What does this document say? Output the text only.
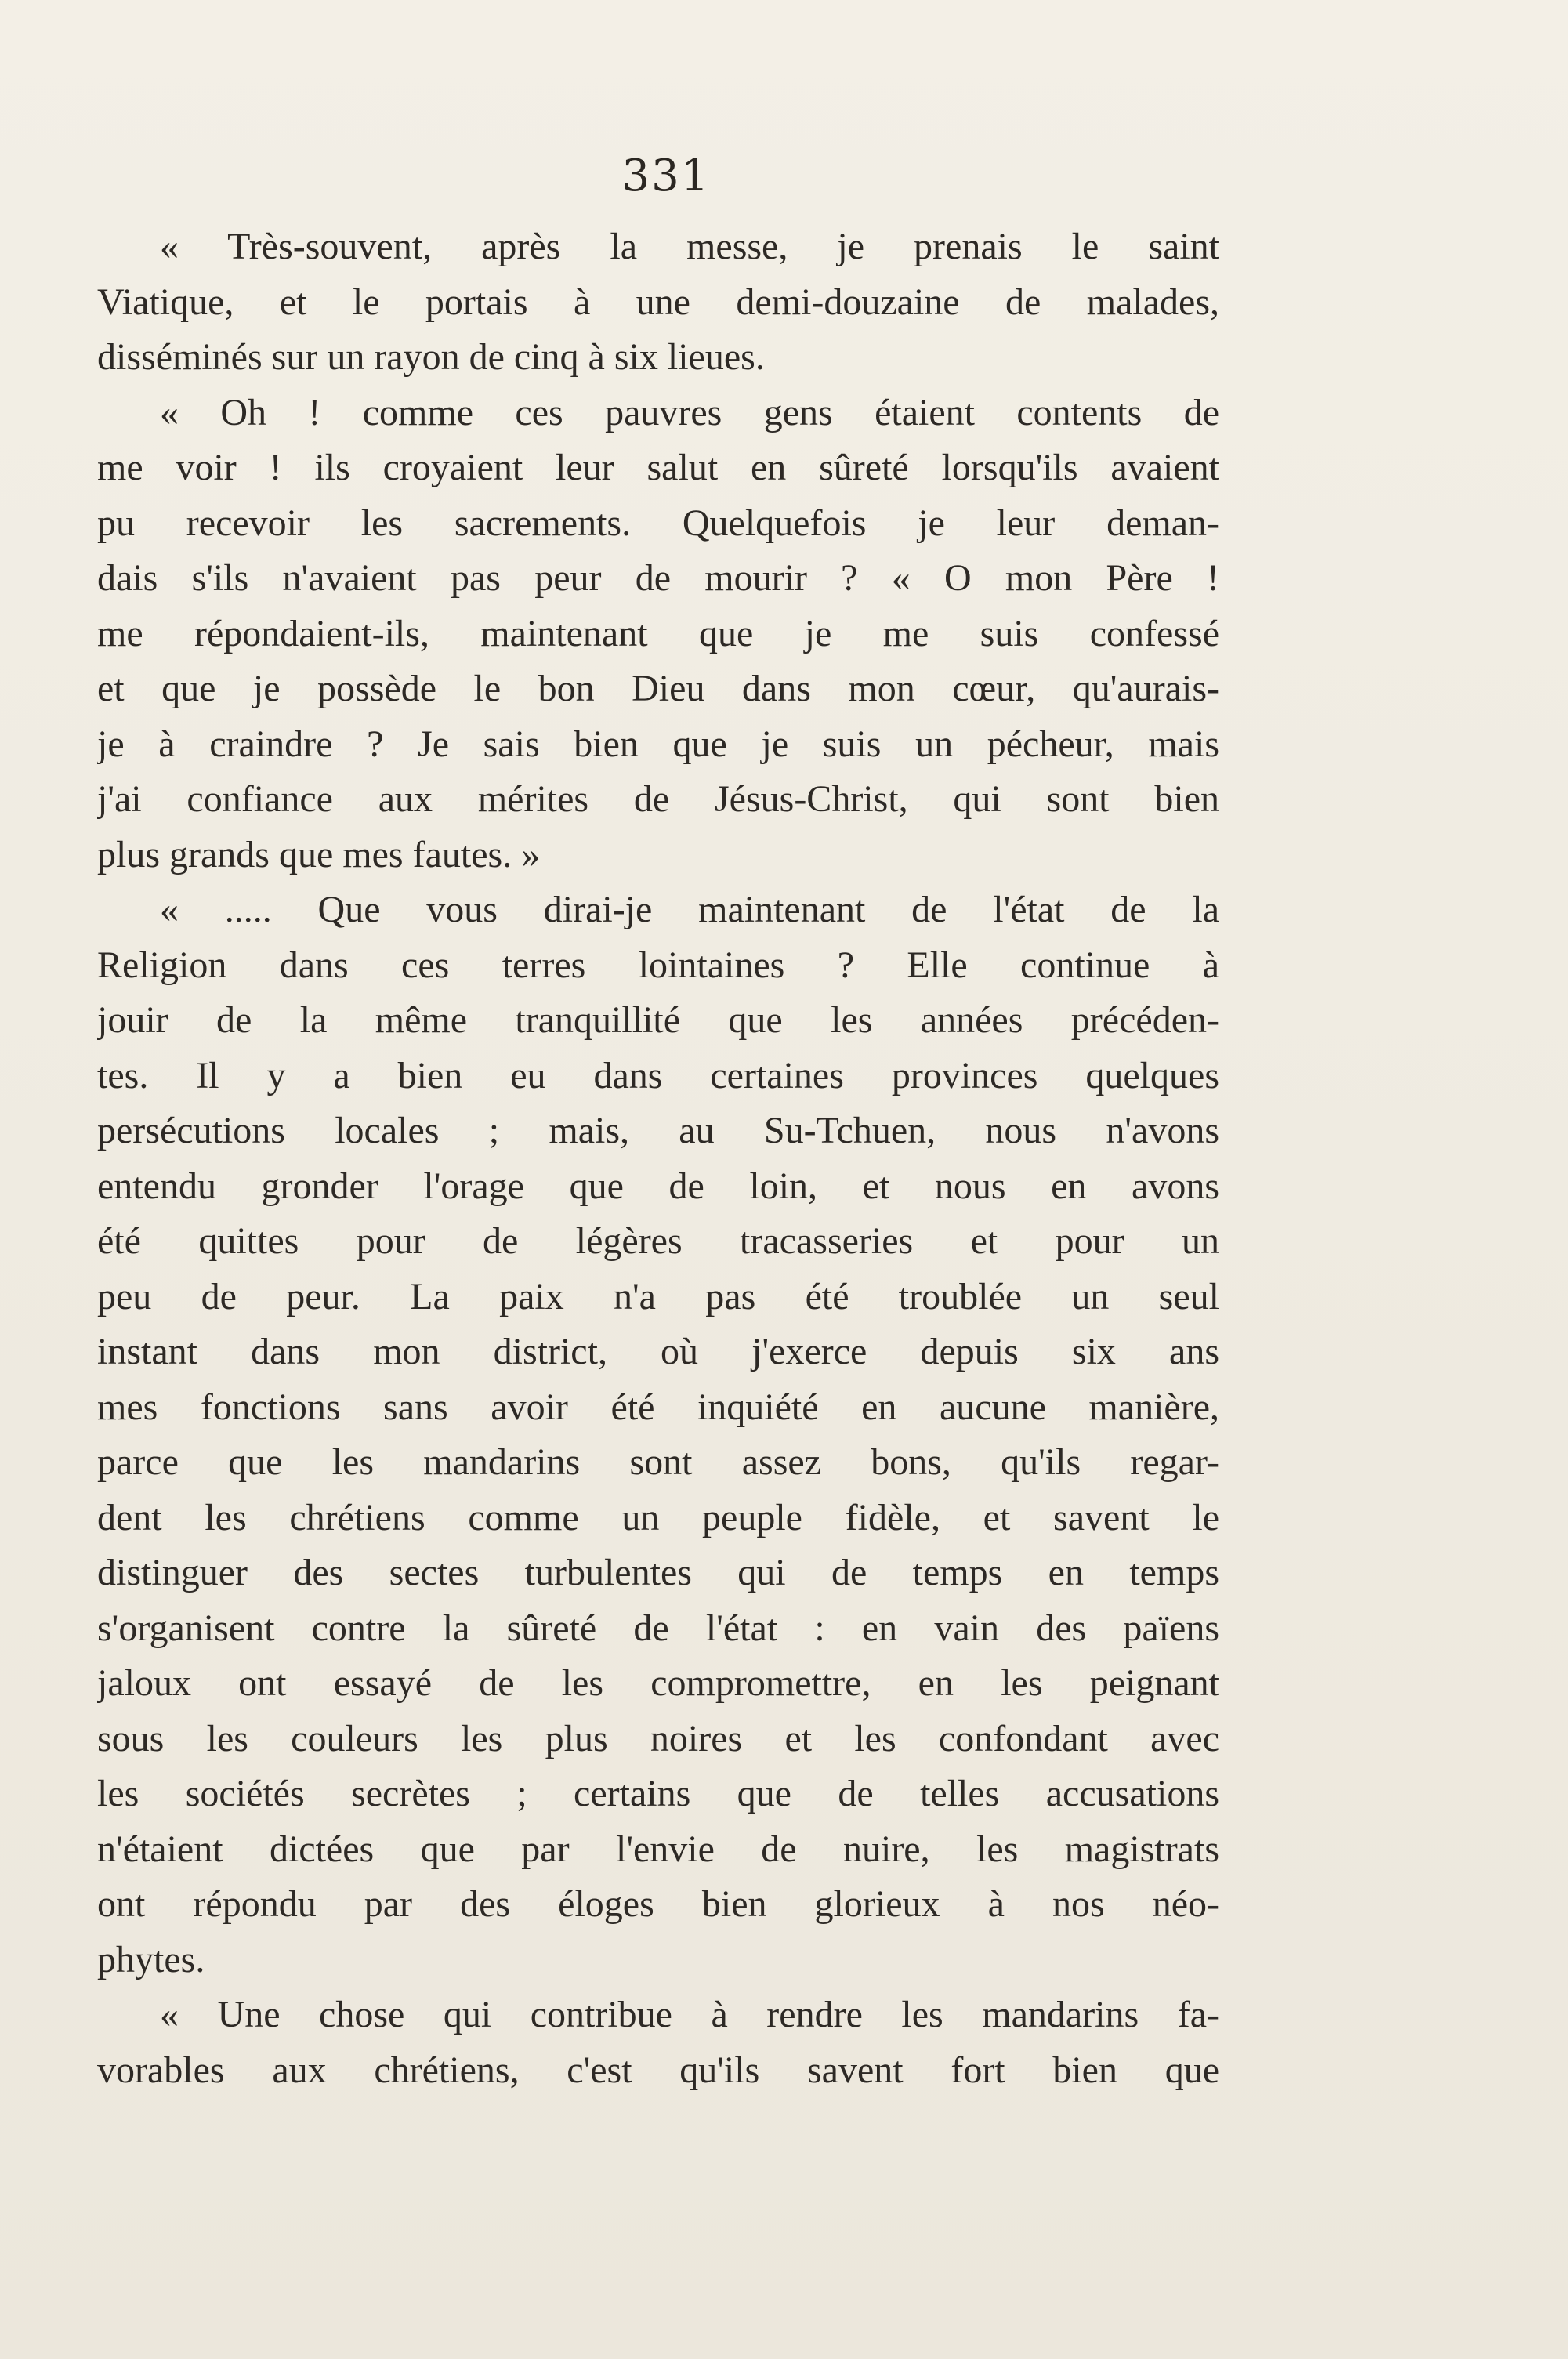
331
« Très-souvent, après la messe, je prenais le saint
Viatique, et le portais à une demi-douzaine de malades,
disséminés sur un rayon de cinq à six lieues.
« Oh ! comme ces pauvres gens étaient contents de
me voir ! ils croyaient leur salut en sûreté lorsqu'ils avaient
pu recevoir les sacrements. Quelquefois je leur deman-
dais s'ils n'avaient pas peur de mourir ? « O mon Père !
me répondaient-ils, maintenant que je me suis confessé
et que je possède le bon Dieu dans mon cœur, qu'aurais-
je à craindre ? Je sais bien que je suis un pécheur, mais
j'ai confiance aux mérites de Jésus-Christ, qui sont bien
plus grands que mes fautes. »
« ..... Que vous dirai-je maintenant de l'état de la
Religion dans ces terres lointaines ? Elle continue à
jouir de la même tranquillité que les années précéden-
tes. Il y a bien eu dans certaines provinces quelques
persécutions locales ; mais, au Su-Tchuen, nous n'avons
entendu gronder l'orage que de loin, et nous en avons
été quittes pour de légères tracasseries et pour un
peu de peur. La paix n'a pas été troublée un seul
instant dans mon district, où j'exerce depuis six ans
mes fonctions sans avoir été inquiété en aucune manière,
parce que les mandarins sont assez bons, qu'ils regar-
dent les chrétiens comme un peuple fidèle, et savent le
distinguer des sectes turbulentes qui de temps en temps
s'organisent contre la sûreté de l'état : en vain des païens
jaloux ont essayé de les compromettre, en les peignant
sous les couleurs les plus noires et les confondant avec
les sociétés secrètes ; certains que de telles accusations
n'étaient dictées que par l'envie de nuire, les magistrats
ont répondu par des éloges bien glorieux à nos néo-
phytes.
« Une chose qui contribue à rendre les mandarins fa-
vorables aux chrétiens, c'est qu'ils savent fort bien que
